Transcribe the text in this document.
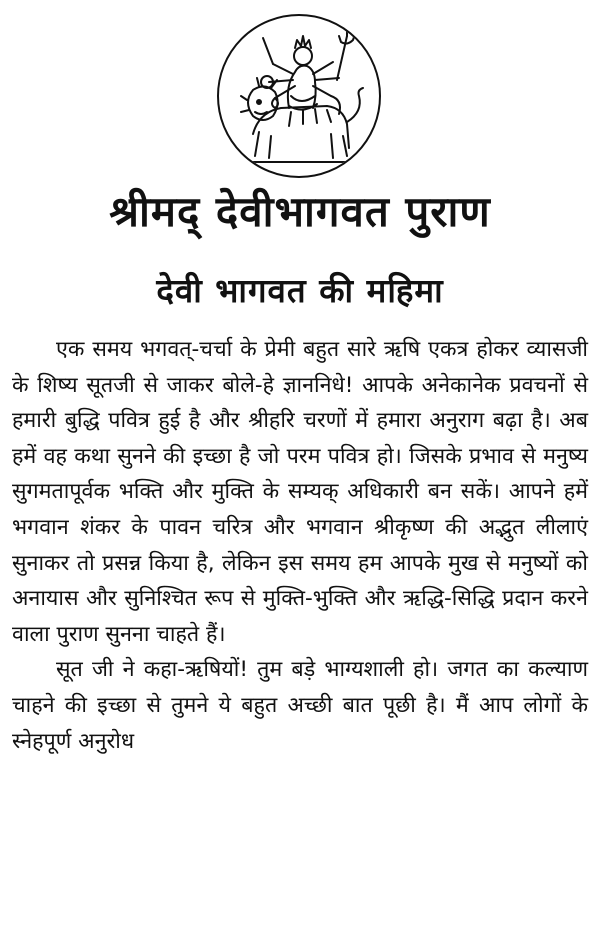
श्रीमद् देवीभागवत पुराण
देवी भागवत की महिमा

एक समय भगवत्-चर्चा के प्रेमी बहुत सारे ऋषि एकत्र होकर व्यासजी के शिष्य सूतजी से जाकर बोले-हे ज्ञाननिधे! आपके अनेकानेक प्रवचनों से हमारी बुद्धि पवित्र हुई है और श्रीहरि चरणों में हमारा अनुराग बढ़ा है। अब हमें वह कथा सुनने की इच्छा है जो परम पवित्र हो। जिसके प्रभाव से मनुष्य सुगमतापूर्वक भक्ति और मुक्ति के सम्यक् अधिकारी बन सकें। आपने हमें भगवान शंकर के पावन चरित्र और भगवान श्रीकृष्ण की अद्भुत लीलाएं सुनाकर तो प्रसन्न किया है, लेकिन इस समय हम आपके मुख से मनुष्यों को अनायास और सुनिश्चित रूप से मुक्ति-भुक्ति और ऋद्धि-सिद्धि प्रदान करने वाला पुराण सुनना चाहते हैं।

सूत जी ने कहा-ऋषियों! तुम बड़े भाग्यशाली हो। जगत का कल्याण चाहने की इच्छा से तुमने ये बहुत अच्छी बात पूछी है। मैं आप लोगों के स्नेहपूर्ण अनुरोध
